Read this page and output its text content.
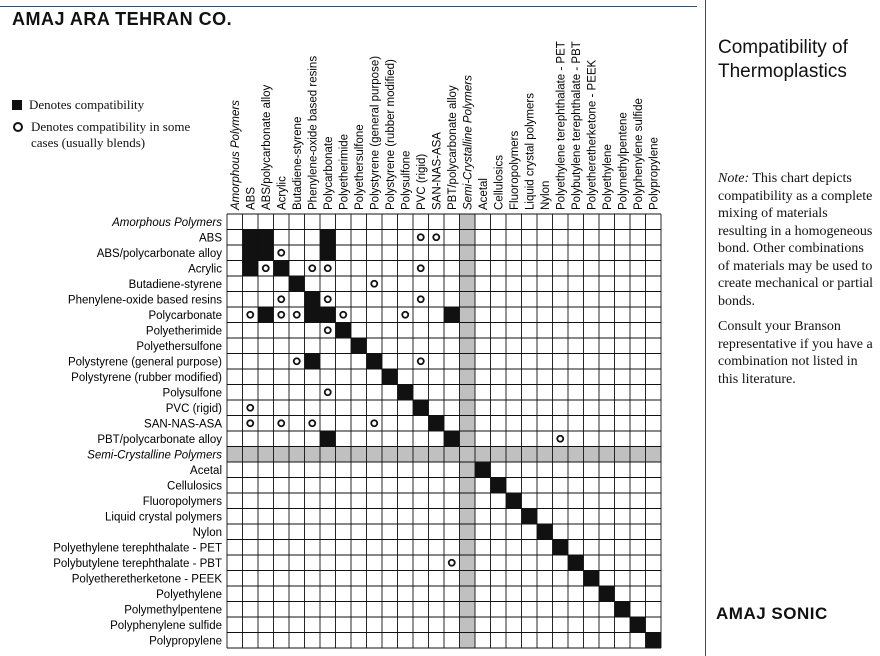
AMAJ ARA TEHRAN CO.
Denotes compatibility
Denotes compatibility in some cases (usually blends)
Amorphous Polymers
ABS
ABS/polycarbonate alloy
Acrylic
Butadiene-styrene
Phenylene-oxide based resins
Polycarbonate
Polyetherimide
Polyethersulfone
Polystyrene (general purpose)
Polystyrene (rubber modified)
Polysulfone
PVC (rigid)
SAN-NAS-ASA
PBT/polycarbonate alloy
Semi-Crystalline Polymers
Acetal
Cellulosics
Fluoropolymers
Liquid crystal polymers
Nylon
Polyethylene terephthalate - PET
Polybutylene terephthalate - PBT
Polyetheretherketone - PEEK
Polyethylene
Polymethylpentene
Polyphenylene sulfide
Polypropylene
Amorphous Polymers ABS ABS/polycarbonate alloy Acrylic Butadiene-styrene Phenylene-oxide based resins Polycarbonate Polyetherimide Polyethersulfone Polystyrene (general purpose) Polystyrene (rubber modified) Polysulfone PVC (rigid) SAN-NAS-ASA PBT/polycarbonate alloy Semi-Crystalline Polymers Acetal Cellulosics Fluoropolymers Liquid crystal polymers Nylon Polyethylene terephthalate - PET Polybutylene terephthalate - PBT Polyetheretherketone - PEEK Polyethylene Polymethylpentene Polyphenylene sulfide Polypropylene
Compatibility of Thermoplastics

Note: This chart depicts compatibility as a complete mixing of materials resulting in a homogeneous bond. Other combinations of materials may be used to create mechanical or partial bonds.

Consult your Branson representative if you have a combination not listed in this literature.

AMAJ SONIC
